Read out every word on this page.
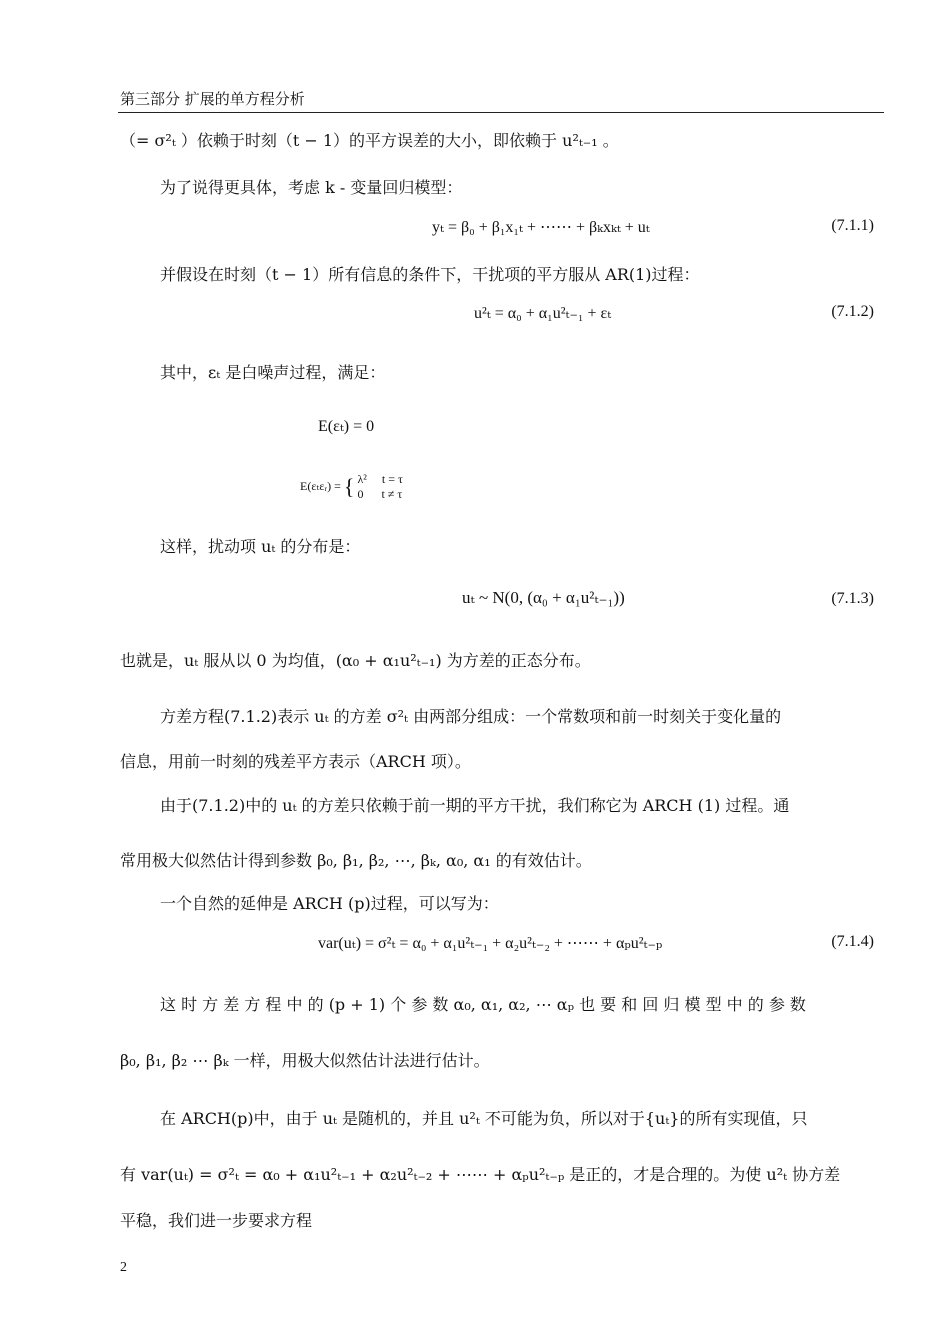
第三部分 扩展的单方程分析
（= σ²ₜ ）依赖于时刻（t − 1）的平方误差的大小，即依赖于 u²ₜ₋₁ 。
为了说得更具体，考虑 k - 变量回归模型：
yₜ = β₀ + β₁x₁ₜ + ⋯⋯ + βₖxₖₜ + uₜ	(7.1.1)
并假设在时刻（t − 1）所有信息的条件下，干扰项的平方服从 AR(1)过程：
u²ₜ = α₀ + α₁u²ₜ₋₁ + εₜ	(7.1.2)
其中，εₜ 是白噪声过程，满足：
E(εₜ) = 0
E(εₜεᵣ) = { λ²     t = τ
0      t ≠ τ
这样，扰动项 uₜ 的分布是：
uₜ ~ N(0, (α₀ + α₁u²ₜ₋₁))	(7.1.3)
也就是，uₜ 服从以 0 为均值，(α₀ + α₁u²ₜ₋₁) 为方差的正态分布。
方差方程(7.1.2)表示 uₜ 的方差 σ²ₜ 由两部分组成：一个常数项和前一时刻关于变化量的
信息，用前一时刻的残差平方表示（ARCH 项）。
由于(7.1.2)中的 uₜ 的方差只依赖于前一期的平方干扰，我们称它为 ARCH (1) 过程。通
常用极大似然估计得到参数 β₀, β₁, β₂, ⋯, βₖ, α₀, α₁ 的有效估计。
一个自然的延伸是 ARCH (p)过程，可以写为：
var(uₜ) = σ²ₜ = α₀ + α₁u²ₜ₋₁ + α₂u²ₜ₋₂ + ⋯⋯ + αₚu²ₜ₋ₚ	(7.1.4)
这 时 方 差 方 程 中 的 (p + 1) 个 参 数 α₀, α₁, α₂, ⋯ αₚ 也 要 和 回 归 模 型 中 的 参 数
β₀, β₁, β₂ ⋯ βₖ 一样，用极大似然估计法进行估计。
在 ARCH(p)中，由于 uₜ 是随机的，并且 u²ₜ 不可能为负，所以对于{uₜ}的所有实现值，只
有 var(uₜ) = σ²ₜ = α₀ + α₁u²ₜ₋₁ + α₂u²ₜ₋₂ + ⋯⋯ + αₚu²ₜ₋ₚ 是正的，才是合理的。为使 u²ₜ 协方差
平稳，我们进一步要求方程
2
